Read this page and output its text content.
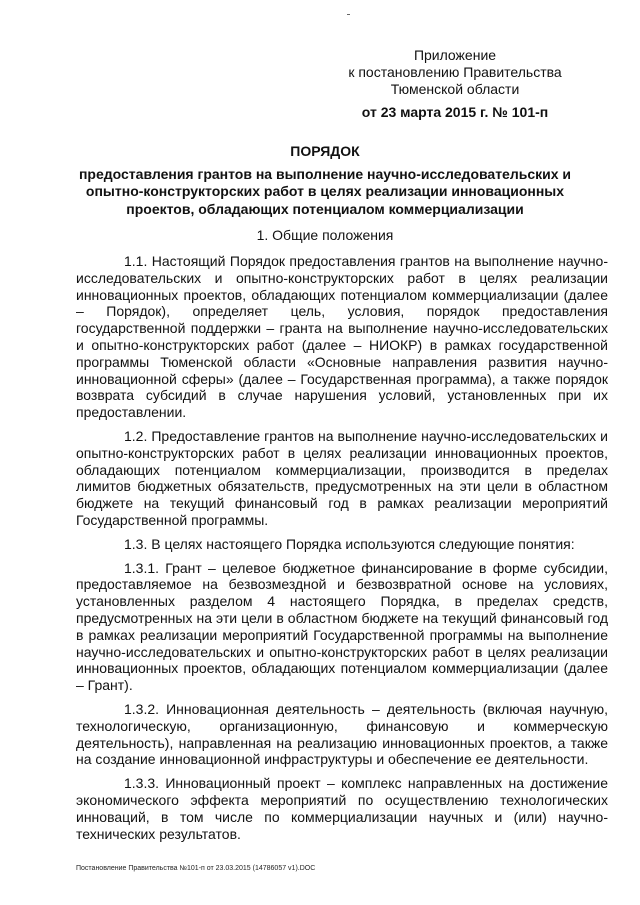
Приложение
к постановлению Правительства
Тюменской области
от 23 марта 2015 г. № 101-п
ПОРЯДОК
предоставления грантов на выполнение научно-исследовательских и опытно-конструкторских работ в целях реализации инновационных проектов, обладающих потенциалом коммерциализации
1. Общие положения

1.1. Настоящий Порядок предоставления грантов на выполнение научно-исследовательских и опытно-конструкторских работ в целях реализации инновационных проектов, обладающих потенциалом коммерциализации (далее – Порядок), определяет цель, условия, порядок предоставления государственной поддержки – гранта на выполнение научно-исследовательских и опытно-конструкторских работ (далее – НИОКР) в рамках государственной программы Тюменской области «Основные направления развития научно-инновационной сферы» (далее – Государственная программа), а также порядок возврата субсидий в случае нарушения условий, установленных при их предоставлении.

1.2. Предоставление грантов на выполнение научно-исследовательских и опытно-конструкторских работ в целях реализации инновационных проектов, обладающих потенциалом коммерциализации, производится в пределах лимитов бюджетных обязательств, предусмотренных на эти цели в областном бюджете на текущий финансовый год в рамках реализации мероприятий Государственной программы.

1.3. В целях настоящего Порядка используются следующие понятия:

1.3.1. Грант – целевое бюджетное финансирование в форме субсидии, предоставляемое на безвозмездной и безвозвратной основе на условиях, установленных разделом 4 настоящего Порядка, в пределах средств, предусмотренных на эти цели в областном бюджете на текущий финансовый год в рамках реализации мероприятий Государственной программы на выполнение научно-исследовательских и опытно-конструкторских работ в целях реализации инновационных проектов, обладающих потенциалом коммерциализации (далее – Грант).

1.3.2. Инновационная деятельность – деятельность (включая научную, технологическую, организационную, финансовую и коммерческую деятельность), направленная на реализацию инновационных проектов, а также на создание инновационной инфраструктуры и обеспечение ее деятельности.

1.3.3. Инновационный проект – комплекс направленных на достижение экономического эффекта мероприятий по осуществлению технологических инноваций, в том числе по коммерциализации научных и (или) научно-технических результатов.

Постановление Правительства №101-п от 23.03.2015 (14786057 v1).DOC
